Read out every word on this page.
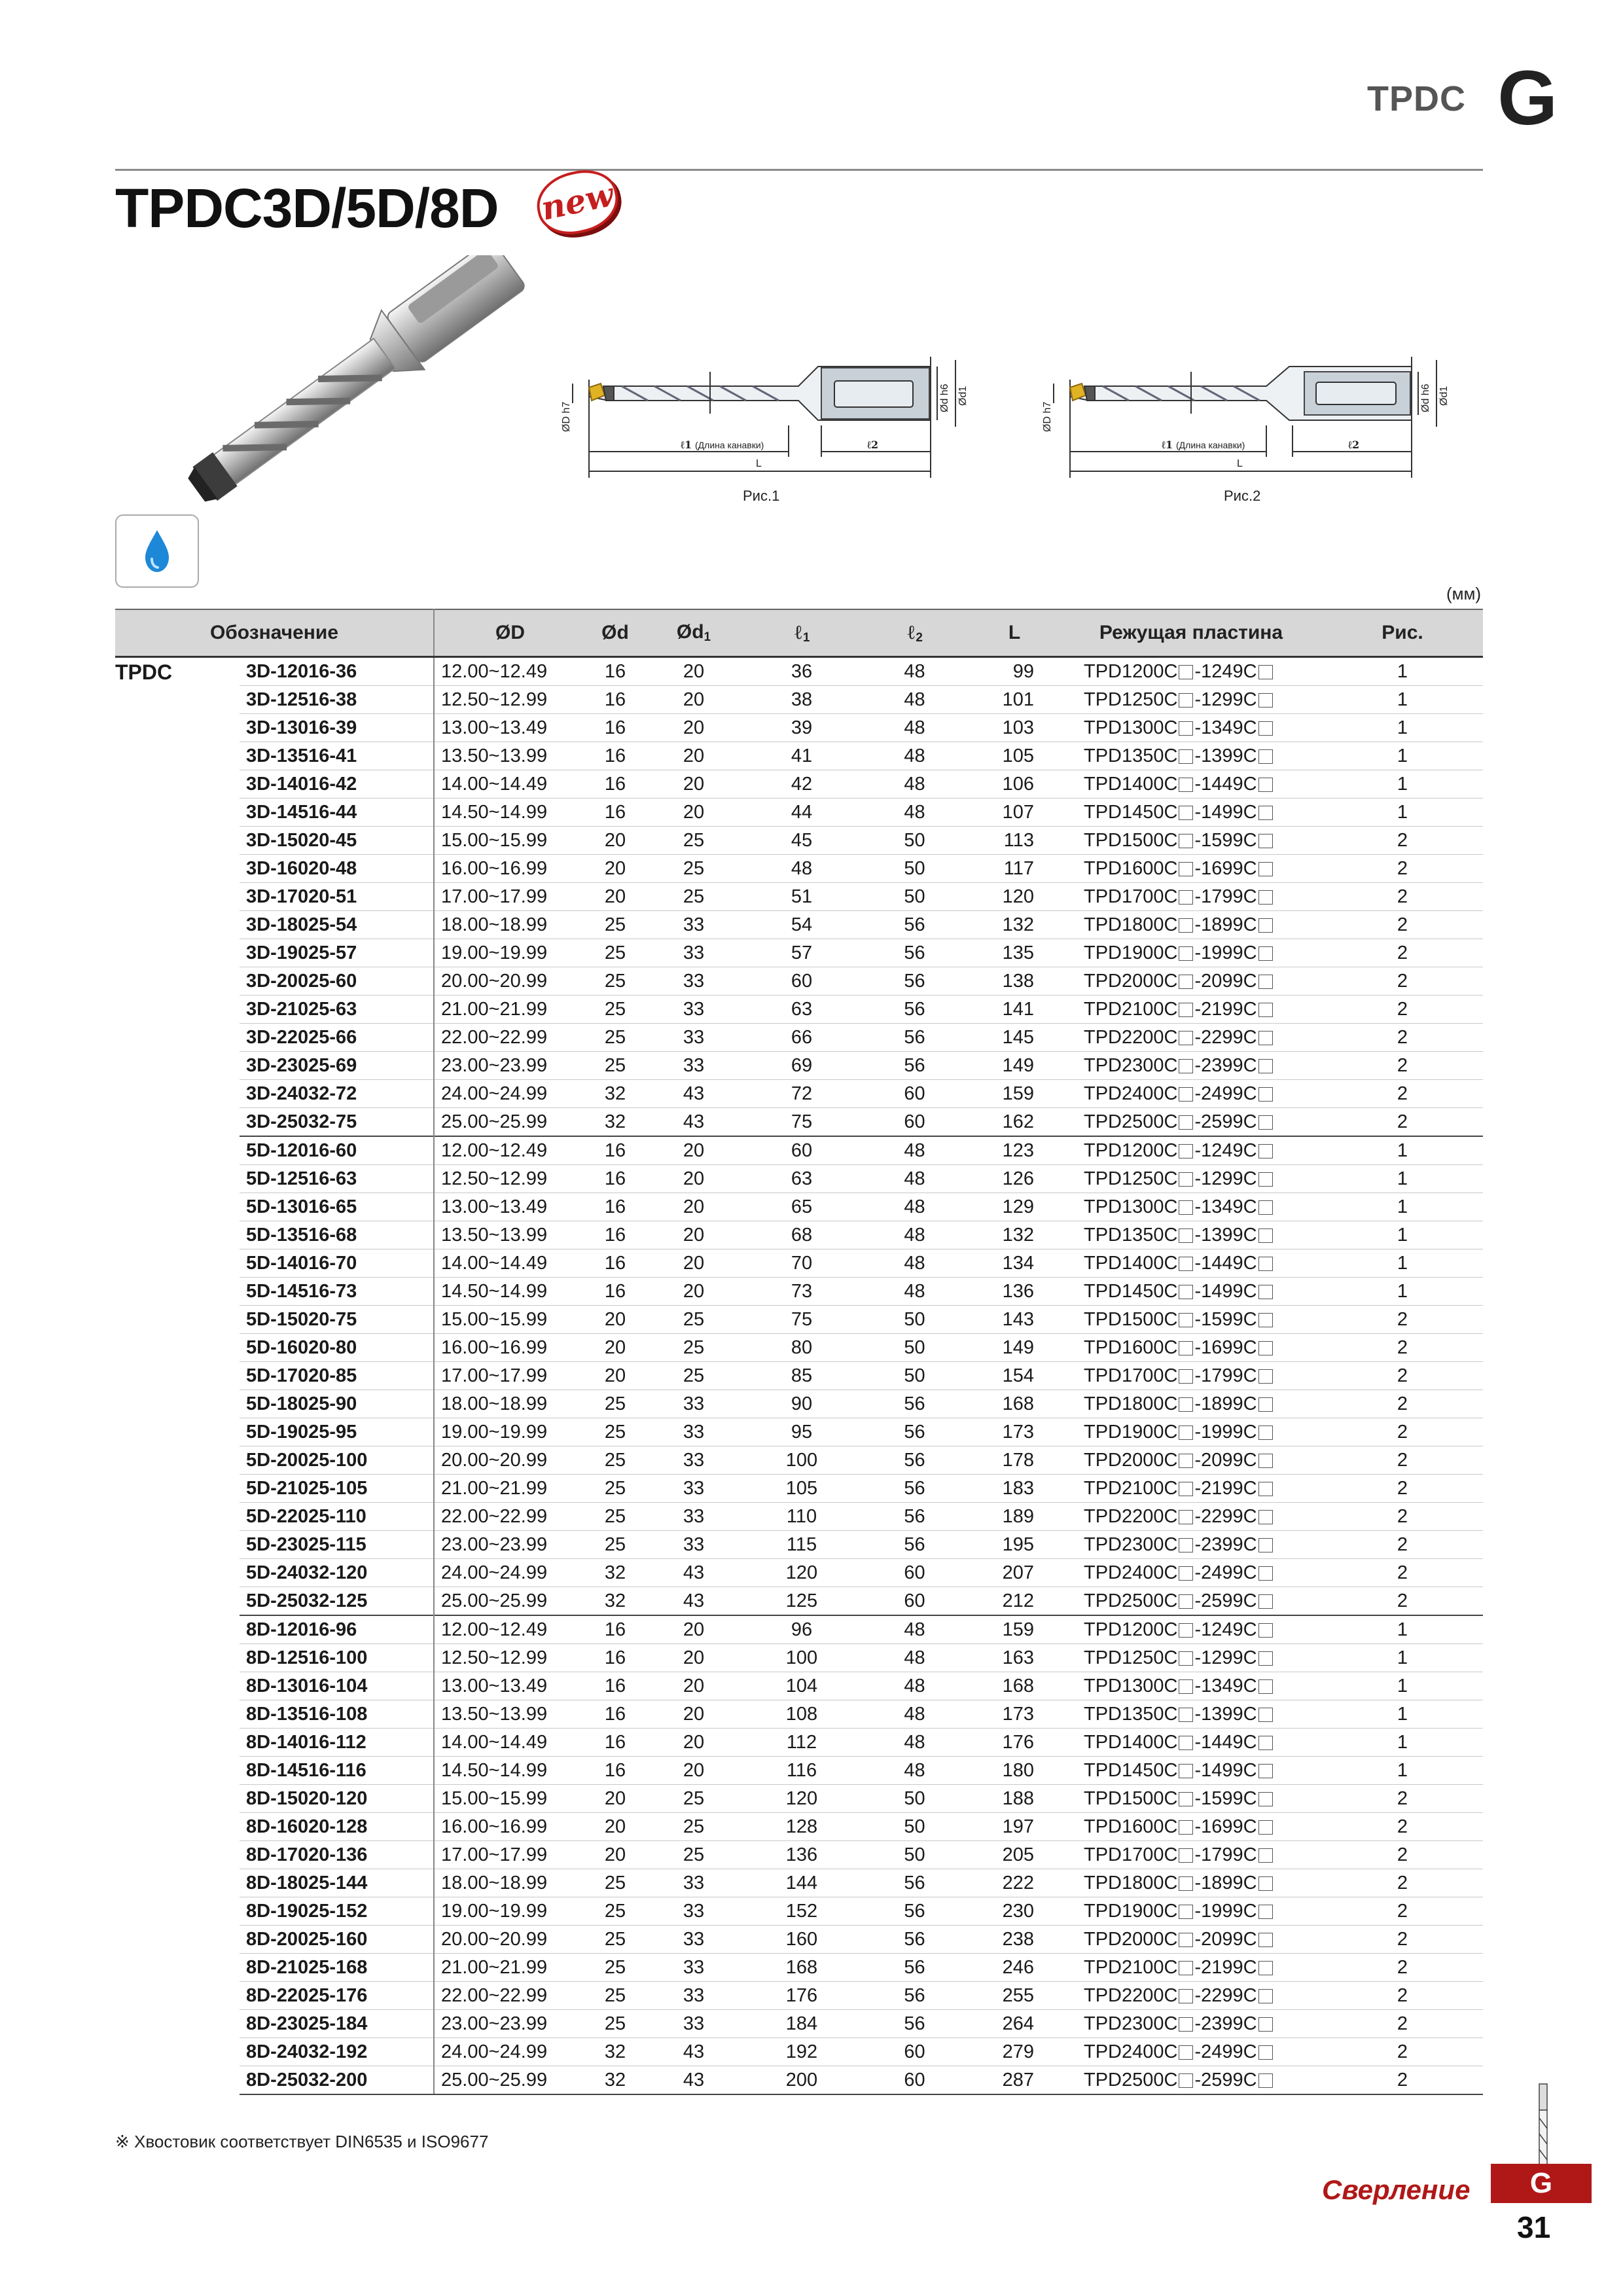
TPDC G
TPDC3D/5D/8D new
ØD h7
Ød h6 Ød1
ℓ1 (Длина канавки)	ℓ2
L
Рис.1
ØD h7
Ød h6 Ød1
ℓ1 (Длина канавки)	ℓ2
L
Рис.2
(мм)
Обозначение		ØD	Ød	$Ød_1$	ℓ$_1$	ℓ$_2$	L	Режущая пластина	Рис.
TPDC	3D-12016-36	12.00~12.49	16	20	36	48	99	TPD1200C -1249C	1
	3D-12516-38	12.50~12.99	16	20	38	48	101	TPD1250C -1299C	1
	3D-13016-39	13.00~13.49	16	20	39	48	103	TPD1300C -1349C	1
	3D-13516-41	13.50~13.99	16	20	41	48	105	TPD1350C -1399C	1
	3D-14016-42	14.00~14.49	16	20	42	48	106	TPD1400C -1449C	1
	3D-14516-44	14.50~14.99	16	20	44	48	107	TPD1450C -1499C	1
	3D-15020-45	15.00~15.99	20	25	45	50	113	TPD1500C -1599C	2
	3D-16020-48	16.00~16.99	20	25	48	50	117	TPD1600C -1699C	2
	3D-17020-51	17.00~17.99	20	25	51	50	120	TPD1700C -1799C	2
	3D-18025-54	18.00~18.99	25	33	54	56	132	TPD1800C -1899C	2
	3D-19025-57	19.00~19.99	25	33	57	56	135	TPD1900C -1999C	2
	3D-20025-60	20.00~20.99	25	33	60	56	138	TPD2000C -2099C	2
	3D-21025-63	21.00~21.99	25	33	63	56	141	TPD2100C -2199C	2
	3D-22025-66	22.00~22.99	25	33	66	56	145	TPD2200C -2299C	2
	3D-23025-69	23.00~23.99	25	33	69	56	149	TPD2300C -2399C	2
	3D-24032-72	24.00~24.99	32	43	72	60	159	TPD2400C -2499C	2
	3D-25032-75	25.00~25.99	32	43	75	60	162	TPD2500C -2599C	2
	5D-12016-60	12.00~12.49	16	20	60	48	123	TPD1200C -1249C	1
	5D-12516-63	12.50~12.99	16	20	63	48	126	TPD1250C -1299C	1
	5D-13016-65	13.00~13.49	16	20	65	48	129	TPD1300C -1349C	1
	5D-13516-68	13.50~13.99	16	20	68	48	132	TPD1350C -1399C	1
	5D-14016-70	14.00~14.49	16	20	70	48	134	TPD1400C -1449C	1
	5D-14516-73	14.50~14.99	16	20	73	48	136	TPD1450C -1499C	1
	5D-15020-75	15.00~15.99	20	25	75	50	143	TPD1500C -1599C	2
	5D-16020-80	16.00~16.99	20	25	80	50	149	TPD1600C -1699C	2
	5D-17020-85	17.00~17.99	20	25	85	50	154	TPD1700C -1799C	2
	5D-18025-90	18.00~18.99	25	33	90	56	168	TPD1800C -1899C	2
	5D-19025-95	19.00~19.99	25	33	95	56	173	TPD1900C -1999C	2
	5D-20025-100	20.00~20.99	25	33	100	56	178	TPD2000C -2099C	2
	5D-21025-105	21.00~21.99	25	33	105	56	183	TPD2100C -2199C	2
	5D-22025-110	22.00~22.99	25	33	110	56	189	TPD2200C -2299C	2
	5D-23025-115	23.00~23.99	25	33	115	56	195	TPD2300C -2399C	2
	5D-24032-120	24.00~24.99	32	43	120	60	207	TPD2400C -2499C	2
	5D-25032-125	25.00~25.99	32	43	125	60	212	TPD2500C -2599C	2
	8D-12016-96	12.00~12.49	16	20	96	48	159	TPD1200C -1249C	1
	8D-12516-100	12.50~12.99	16	20	100	48	163	TPD1250C -1299C	1
	8D-13016-104	13.00~13.49	16	20	104	48	168	TPD1300C -1349C	1
	8D-13516-108	13.50~13.99	16	20	108	48	173	TPD1350C -1399C	1
	8D-14016-112	14.00~14.49	16	20	112	48	176	TPD1400C -1449C	1
	8D-14516-116	14.50~14.99	16	20	116	48	180	TPD1450C -1499C	1
	8D-15020-120	15.00~15.99	20	25	120	50	188	TPD1500C -1599C	2
	8D-16020-128	16.00~16.99	20	25	128	50	197	TPD1600C -1699C	2
	8D-17020-136	17.00~17.99	20	25	136	50	205	TPD1700C -1799C	2
	8D-18025-144	18.00~18.99	25	33	144	56	222	TPD1800C -1899C	2
	8D-19025-152	19.00~19.99	25	33	152	56	230	TPD1900C -1999C	2
	8D-20025-160	20.00~20.99	25	33	160	56	238	TPD2000C -2099C	2
	8D-21025-168	21.00~21.99	25	33	168	56	246	TPD2100C -2199C	2
	8D-22025-176	22.00~22.99	25	33	176	56	255	TPD2200C -2299C	2
	8D-23025-184	23.00~23.99	25	33	184	56	264	TPD2300C -2399C	2
	8D-24032-192	24.00~24.99	32	43	192	60	279	TPD2400C -2499C	2
	8D-25032-200	25.00~25.99	32	43	200	60	287	TPD2500C -2599C	2
※ Хвостовик соответствует DIN6535 и ISO9677
Сверление	G
31
